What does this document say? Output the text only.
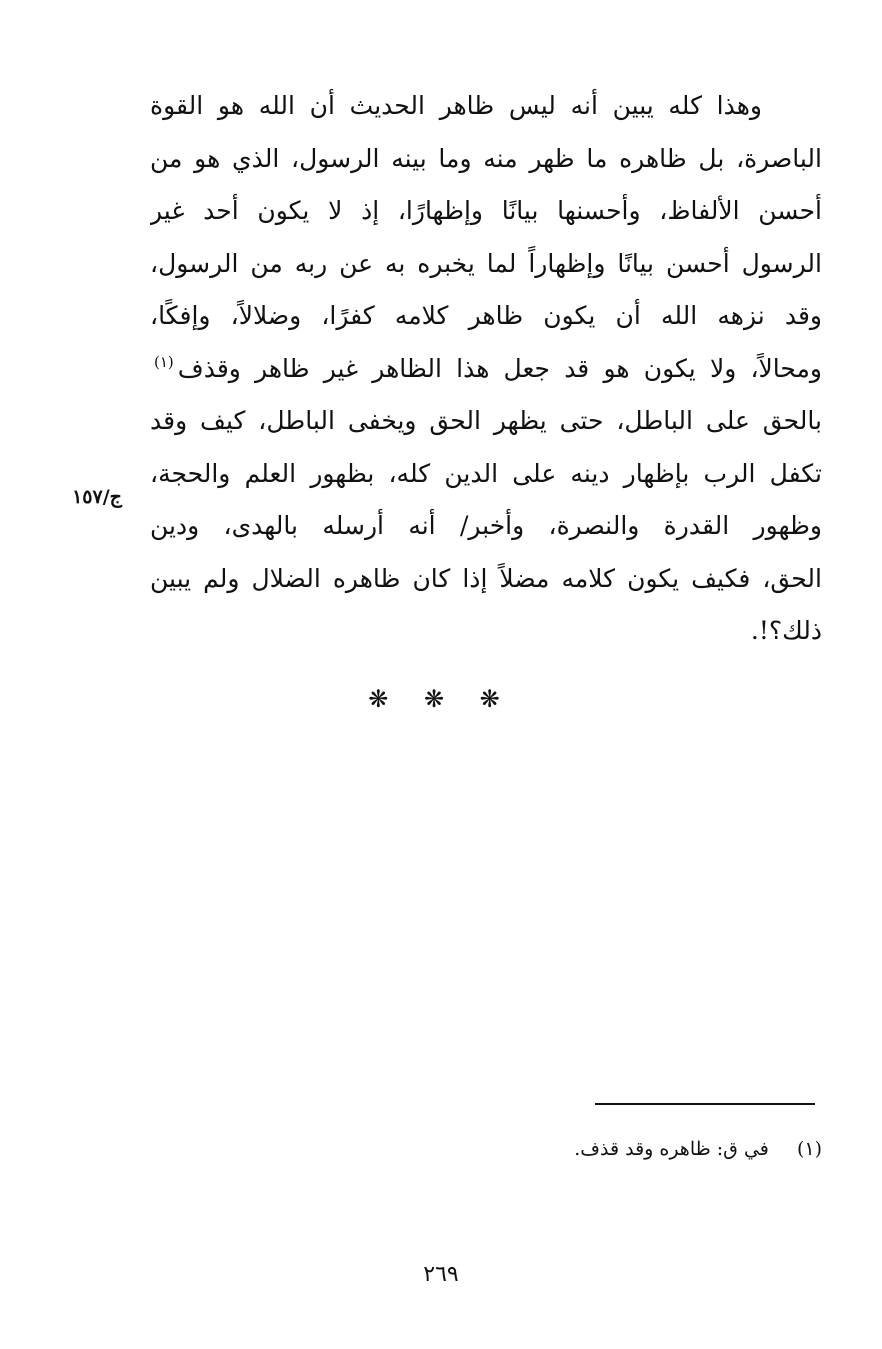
وهذا كله يبين أنه ليس ظاهر الحديث أن الله هو القوة
الباصرة، بل ظاهره ما ظهر منه وما بينه الرسول، الذي هو من
أحسن الألفاظ، وأحسنها بيانًا وإظهارًا، إذ لا يكون أحد غير
الرسول أحسن بيانًا وإظهاراً لما يخبره به عن ربه من الرسول،
وقد نزهه الله أن يكون ظاهر كلامه كفرًا، وضلالاً، وإفكًا،
ومحالاً، ولا يكون هو قد جعل هذا الظاهر غير ظاهر وقذف$^{(١)}$
بالحق على الباطل، حتى يظهر الحق ويخفى الباطل، كيف وقد
تكفل الرب بإظهار دينه على الدين كله، بظهور العلم والحجة،
وظهور القدرة والنصرة، وأخبر/ أنه أرسله بالهدى، ودين
الحق، فكيف يكون كلامه مضلاً إذا كان ظاهره الضلال ولم يبين
ذلك؟!.
ج/١٥٧
❋ ❋ ❋
(١) في ق: ظاهره وقد قذف.
٢٦٩
